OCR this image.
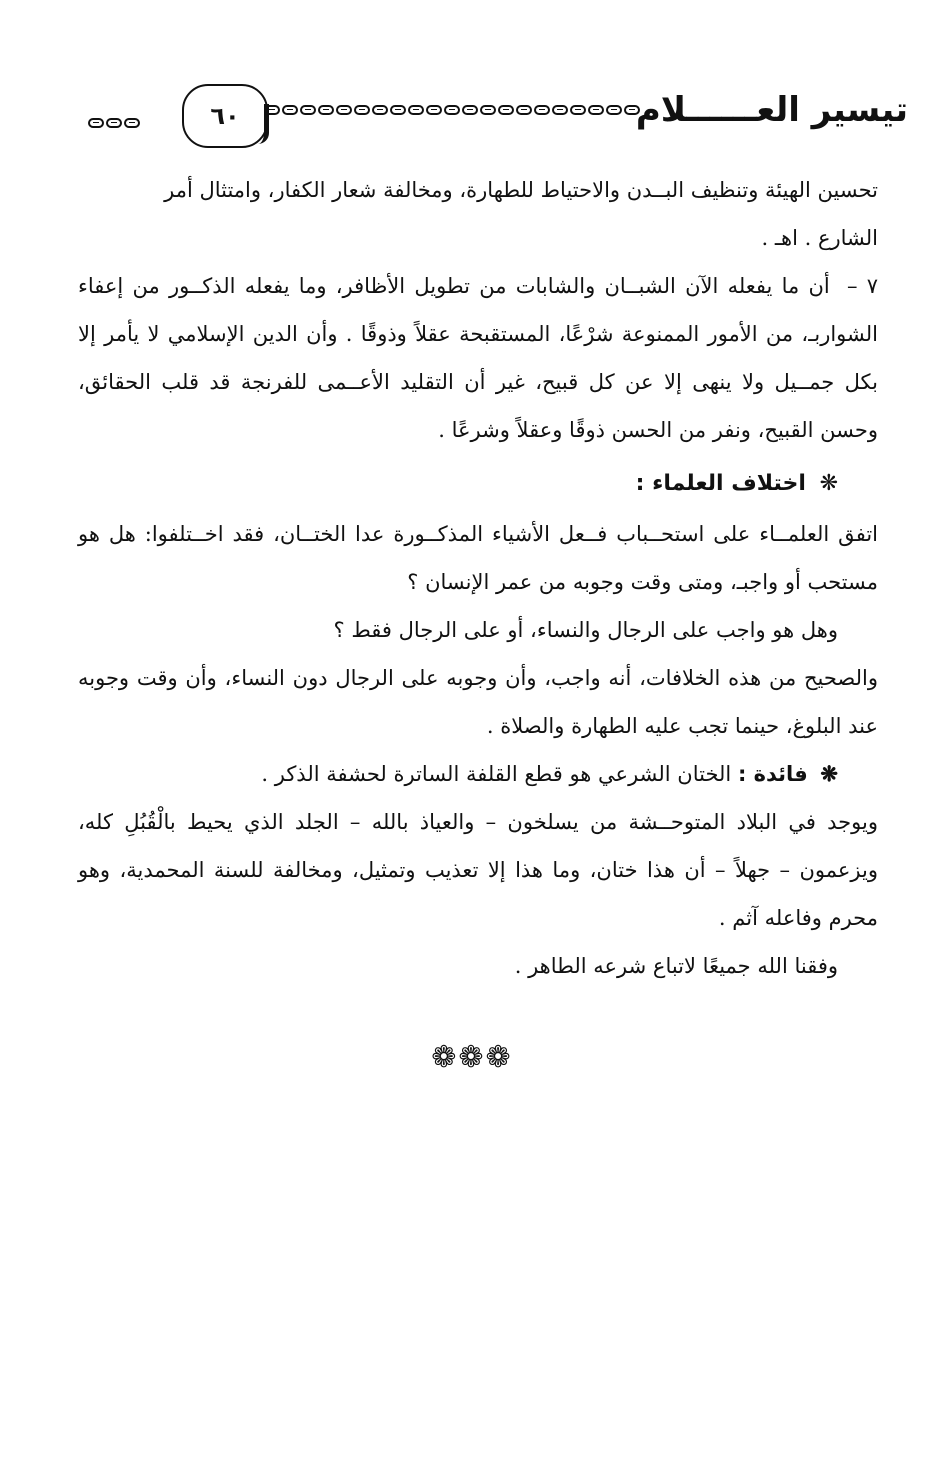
تيسير العــــــلام
٦٠

تحسين الهيئة وتنظيف البــدن والاحتياط للطهارة، ومخالفة شعار الكفار، وامتثال أمر
الشارع . اهـ .

٧ – أن ما يفعله الآن الشبــان والشابات من تطويل الأظافر، وما يفعله الذكــور من إعفاء الشواربـ، من الأمور الممنوعة شرْعًا، المستقبحة عقلاً وذوقًا . وأن الدين الإسلامي لا يأمر إلا بكل جمــيل ولا ينهى إلا عن كل قبيح، غير أن التقليد الأعــمى للفرنجة قد قلب الحقائق، وحسن القبيح، ونفر من الحسن ذوقًا وعقلاً وشرعًا .

❋ اختلاف العلماء :

اتفق العلمــاء على استحــباب فــعل الأشياء المذكــورة عدا الختــان، فقد اخــتلفوا: هل هو مستحب أو واجبـ، ومتى وقت وجوبه من عمر الإنسان ؟

وهل هو واجب على الرجال والنساء، أو على الرجال فقط ؟

والصحيح من هذه الخلافات، أنه واجب، وأن وجوبه على الرجال دون النساء، وأن وقت وجوبه عند البلوغ، حينما تجب عليه الطهارة والصلاة .

❋ فائدة : الختان الشرعي هو قطع القلفة الساترة لحشفة الذكر .

ويوجد في البلاد المتوحــشة من يسلخون – والعياذ بالله – الجلد الذي يحيط بالْقُبُلِ كله، ويزعمون – جهلاً – أن هذا ختان، وما هذا إلا تعذيب وتمثيل، ومخالفة للسنة المحمدية، وهو محرم وفاعله آثم .

وفقنا الله جميعًا لاتباع شرعه الطاهر .

❁❁❁
